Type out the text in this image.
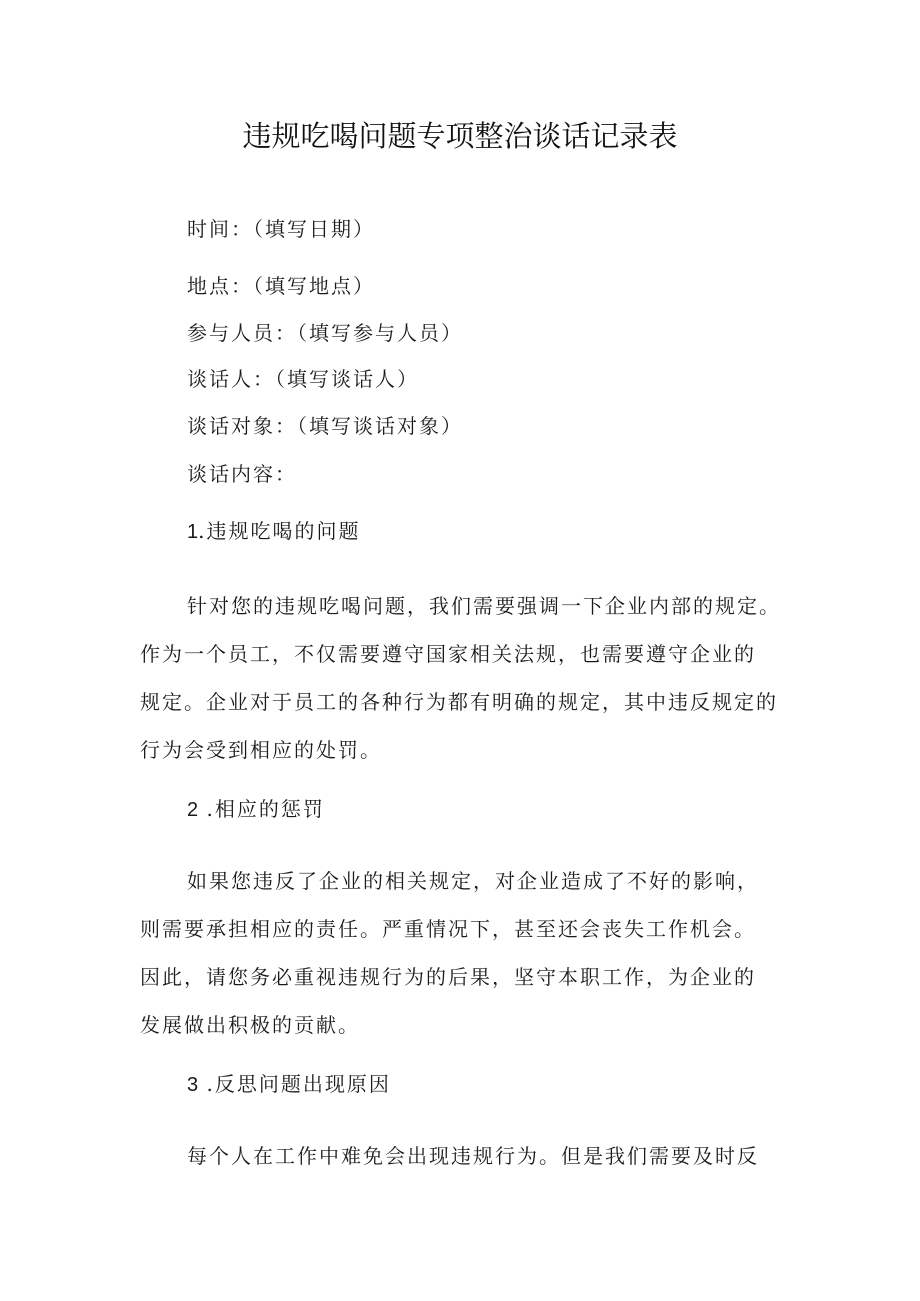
违规吃喝问题专项整治谈话记录表
时间：（填写日期）
地点：（填写地点）
参与人员：（填写参与人员）
谈话人：（填写谈话人）
谈话对象：（填写谈话对象）
谈话内容：
1.违规吃喝的问题
针对您的违规吃喝问题，我们需要强调一下企业内部的规定。
作为一个员工，不仅需要遵守国家相关法规，也需要遵守企业的
规定。企业对于员工的各种行为都有明确的规定，其中违反规定的
行为会受到相应的处罚。
2 .相应的惩罚
如果您违反了企业的相关规定，对企业造成了不好的影响，
则需要承担相应的责任。严重情况下，甚至还会丧失工作机会。
因此，请您务必重视违规行为的后果，坚守本职工作，为企业的
发展做出积极的贡献。
3 .反思问题出现原因
每个人在工作中难免会出现违规行为。但是我们需要及时反
